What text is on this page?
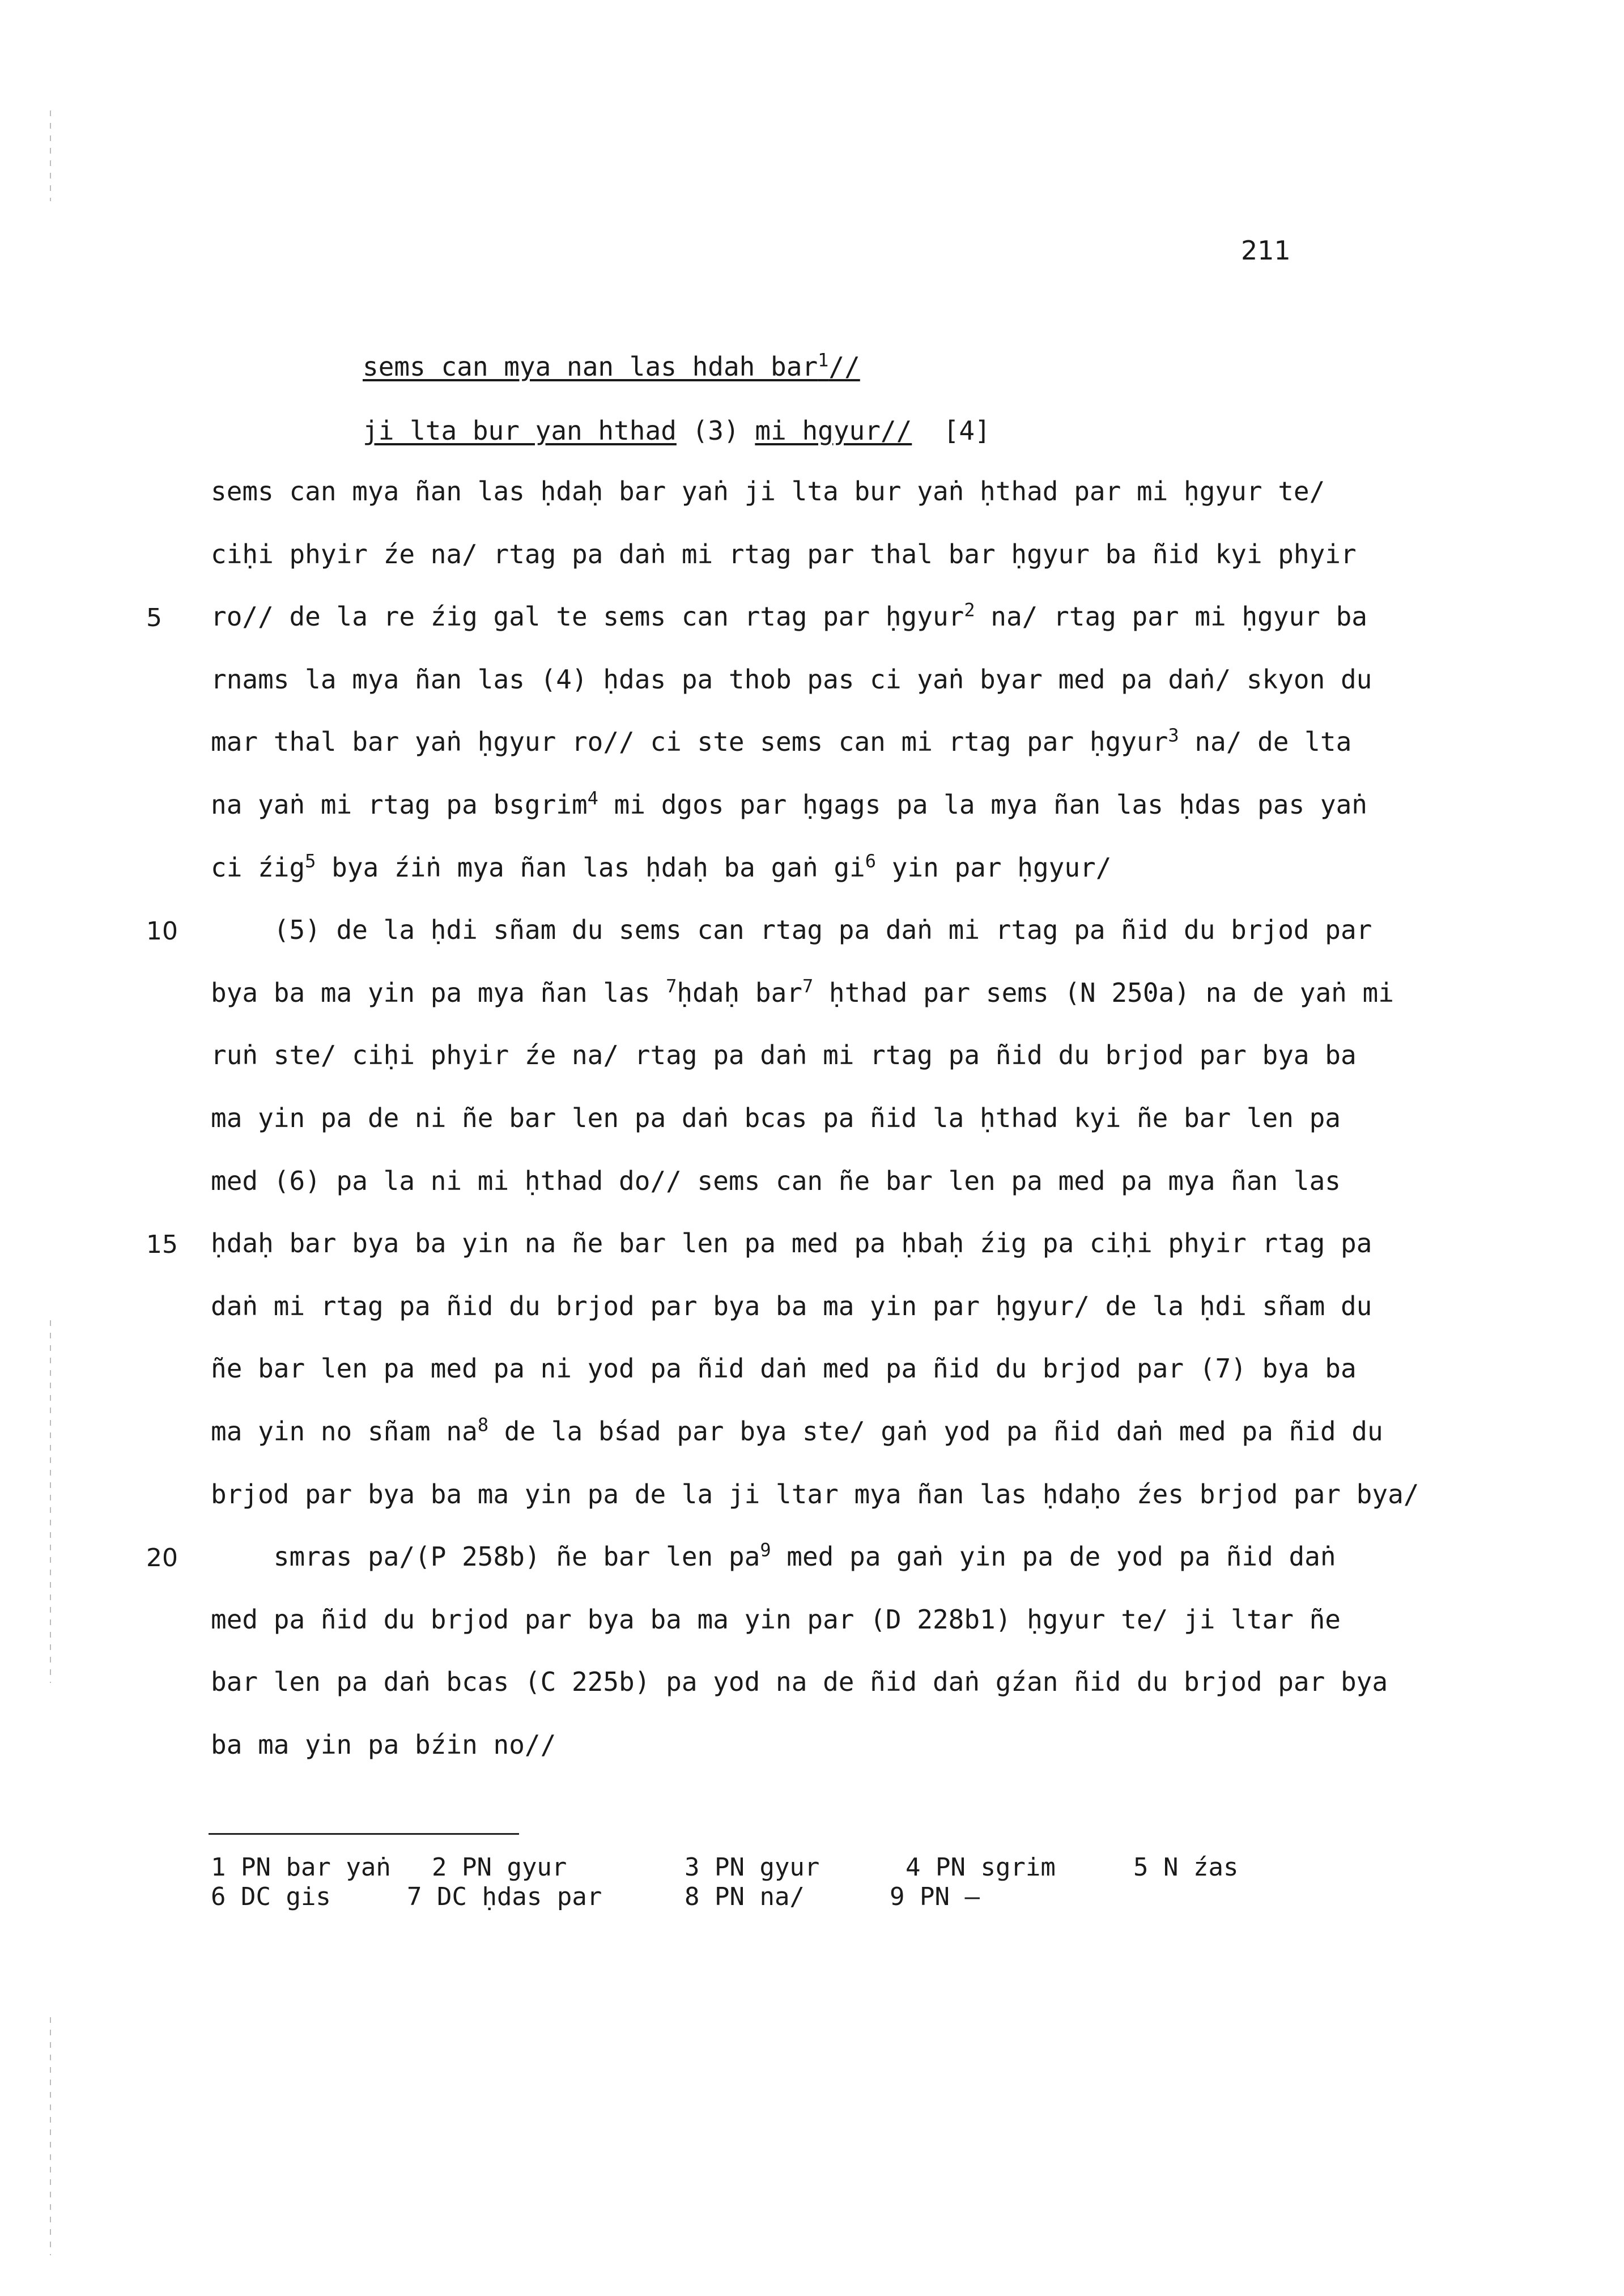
211
sems can mya nan las hdah bar$^1$//
ji lta bur yan hthad (3) mi hgyur//  [4]
sems can mya ñan las ḥdaḥ bar yaṅ ji lta bur yaṅ ḥthad par mi ḥgyur te/
ciḥi phyir źe na/ rtag pa daṅ mi rtag par thal bar ḥgyur ba ñid kyi phyir
ro// de la re źig gal te sems can rtag par ḥgyur$^2$ na/ rtag par mi ḥgyur ba
rnams la mya ñan las (4) ḥdas pa thob pas ci yaṅ byar med pa daṅ/ skyon du
mar thal bar yaṅ ḥgyur ro// ci ste sems can mi rtag par ḥgyur$^3$ na/ de lta
na yaṅ mi rtag pa bsgrim$^4$ mi dgos par ḥgags pa la mya ñan las ḥdas pas yaṅ
ci źig$^5$ bya źiṅ mya ñan las ḥdaḥ ba gaṅ $gi^6$ yin par ḥgyur/
(5) de la ḥdi sñam du sems can rtag pa daṅ mi rtag pa ñid du brjod par
bya ba ma yin pa mya ñan las $^7$ḥdaḥ bar$^7$ ḥthad par sems (N 250a) na de yaṅ mi
ruṅ ste/ ciḥi phyir źe na/ rtag pa daṅ mi rtag pa ñid du brjod par bya ba
ma yin pa de ni ñe bar len pa daṅ bcas pa ñid la ḥthad kyi ñe bar len pa
med (6) pa la ni mi ḥthad do// sems can ñe bar len pa med pa mya ñan las
ḥdaḥ bar bya ba yin na ñe bar len pa med pa ḥbaḥ źig pa ciḥi phyir rtag pa
daṅ mi rtag pa ñid du brjod par bya ba ma yin par ḥgyur/ de la ḥdi sñam du
ñe bar len pa med pa ni yod pa ñid daṅ med pa ñid du brjod par (7) bya ba
ma yin no sñam $na^8$ de la bśad par bya ste/ gaṅ yod pa ñid daṅ med pa ñid du
brjod par bya ba ma yin pa de la ji ltar mya ñan las ḥdaḥo źes brjod par bya/
smras pa/(P 258b) ñe bar len $pa^9$ med pa gaṅ yin pa de yod pa ñid daṅ
med pa ñid du brjod par bya ba ma yin par (D 228b1) ḥgyur te/ ji ltar ñe
bar len pa daṅ bcas (C 225b) pa yod na de ñid daṅ gźan ñid du brjod par bya
ba ma yin pa bźin no//
5
10
15
20
1 PN bar yaṅ 2 PN gyur	3 PN gyur	4 PN sgrim	5 N źas
6 DC gis	7 DC ḥdas par	8 PN na/	9 PN —
